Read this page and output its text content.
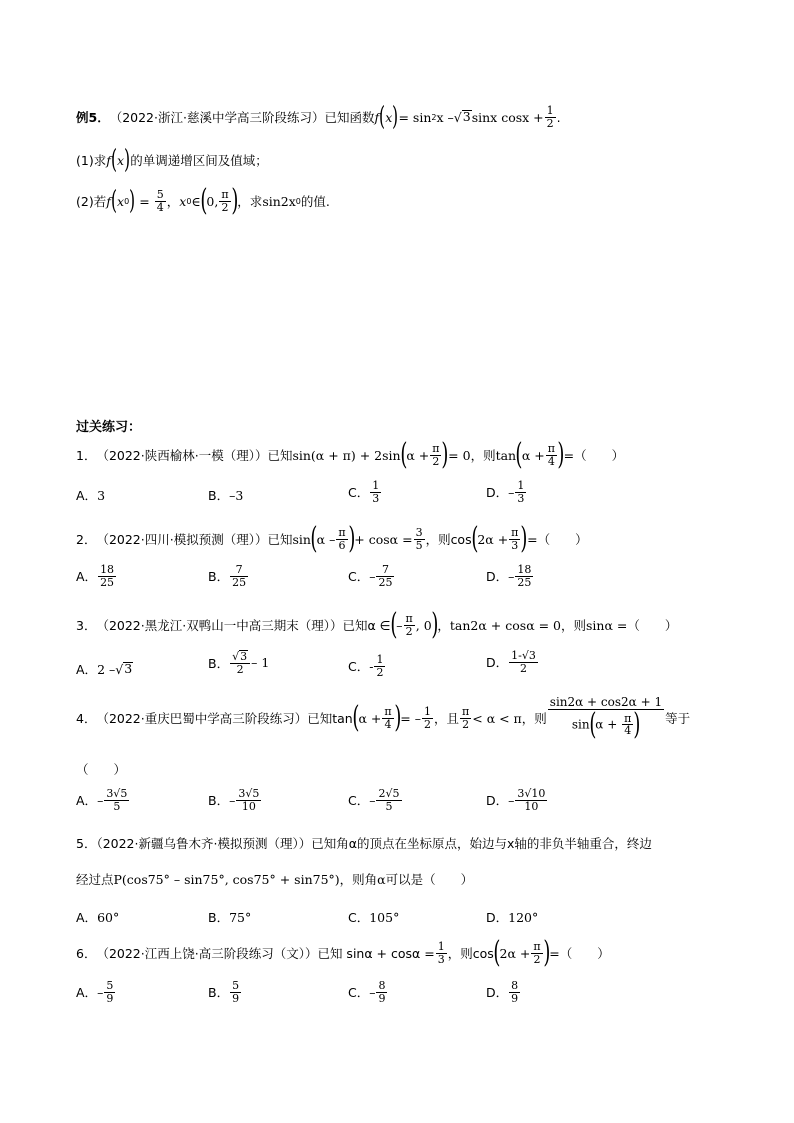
例5． （2022·浙江·慈溪中学高三阶段练习）已知函数 f ( x ) = sin 2 x – √ 3 sinx $\cos x + \frac{1}{2}$ .
(1)求 f ( x ) 的单调递增区间及值域；
(2)若 f ( x 0 ) = $\frac{5}{4}$ ， x 0 ∈ ( 0, $\frac{\pi}{2}$ ) ，求 sin2x 0 的值.
过关练习：
1． （2022·陕西榆林·一模（理））已知 sin(α + π) + 2sin ( $\alpha + \frac{\pi}{2}$ ) = 0，则tan ( $\alpha + \frac{\pi}{4}$ ) =（　　）
A． 3	B． –3	C． $\frac{1}{3}$	D． – $\frac{1}{3}$
2． （2022·四川·模拟预测（理））已知 sin ( α – $\frac{\pi}{6}$ ) + $\cos\alpha = \frac{3}{5}$ ，则cos ( $2\alpha + \frac{\pi}{3}$ ) =（　　）
A． $\frac{18}{25}$	B． $\frac{7}{25}$	C． – $\frac{7}{25}$	D． – $\frac{18}{25}$
3． （2022·黑龙江·双鸭山一中高三期末（理））已知α ∈ ( – $\frac{\pi}{2}$ , 0 ) ，tan2α + cosα = 0，则sinα =（　　）
A． 2 – √ 3	B． $\frac{√3}{2} - 1$	C． - $\frac{1}{2}$	D． $\frac{1-√3}{2}$
4． （2022·重庆巴蜀中学高三阶段练习）已知tan ( $\alpha + \frac{\pi}{4}$ ) = – $\frac{1}{2}$ ，且 $\frac{\pi}{2} < \alpha < \pi$，则 $\frac{\sin 2\alpha + \cos 2\alpha + 1}{\sin(\alpha + \frac{\pi}{4} )}$ 等于
（　　）
A． – $\frac{3√5}{5}$	B． – $\frac{3√5}{10}$	C． – $\frac{2√5}{5}$	D． – $\frac{3√10}{10}$
5．（2022·新疆乌鲁木齐·模拟预测（理））已知角α的顶点在坐标原点，始边与x轴的非负半轴重合，终边
经过点P(cos75° – sin75°, cos75° + sin75°)，则角α可以是（　　）
A．60°	B．75°	C．105°	D．120°
6． （2022·江西上饶·高三阶段练习（文））已知 $\sin\alpha + \cos\alpha = \frac{1}{3}$ ，则cos ( $2\alpha + \frac{\pi}{2}$ ) =（　　）
A． – $\frac{5}{9}$	B． $\frac{5}{9}$	C． – $\frac{8}{9}$	D． $\frac{8}{9}$
